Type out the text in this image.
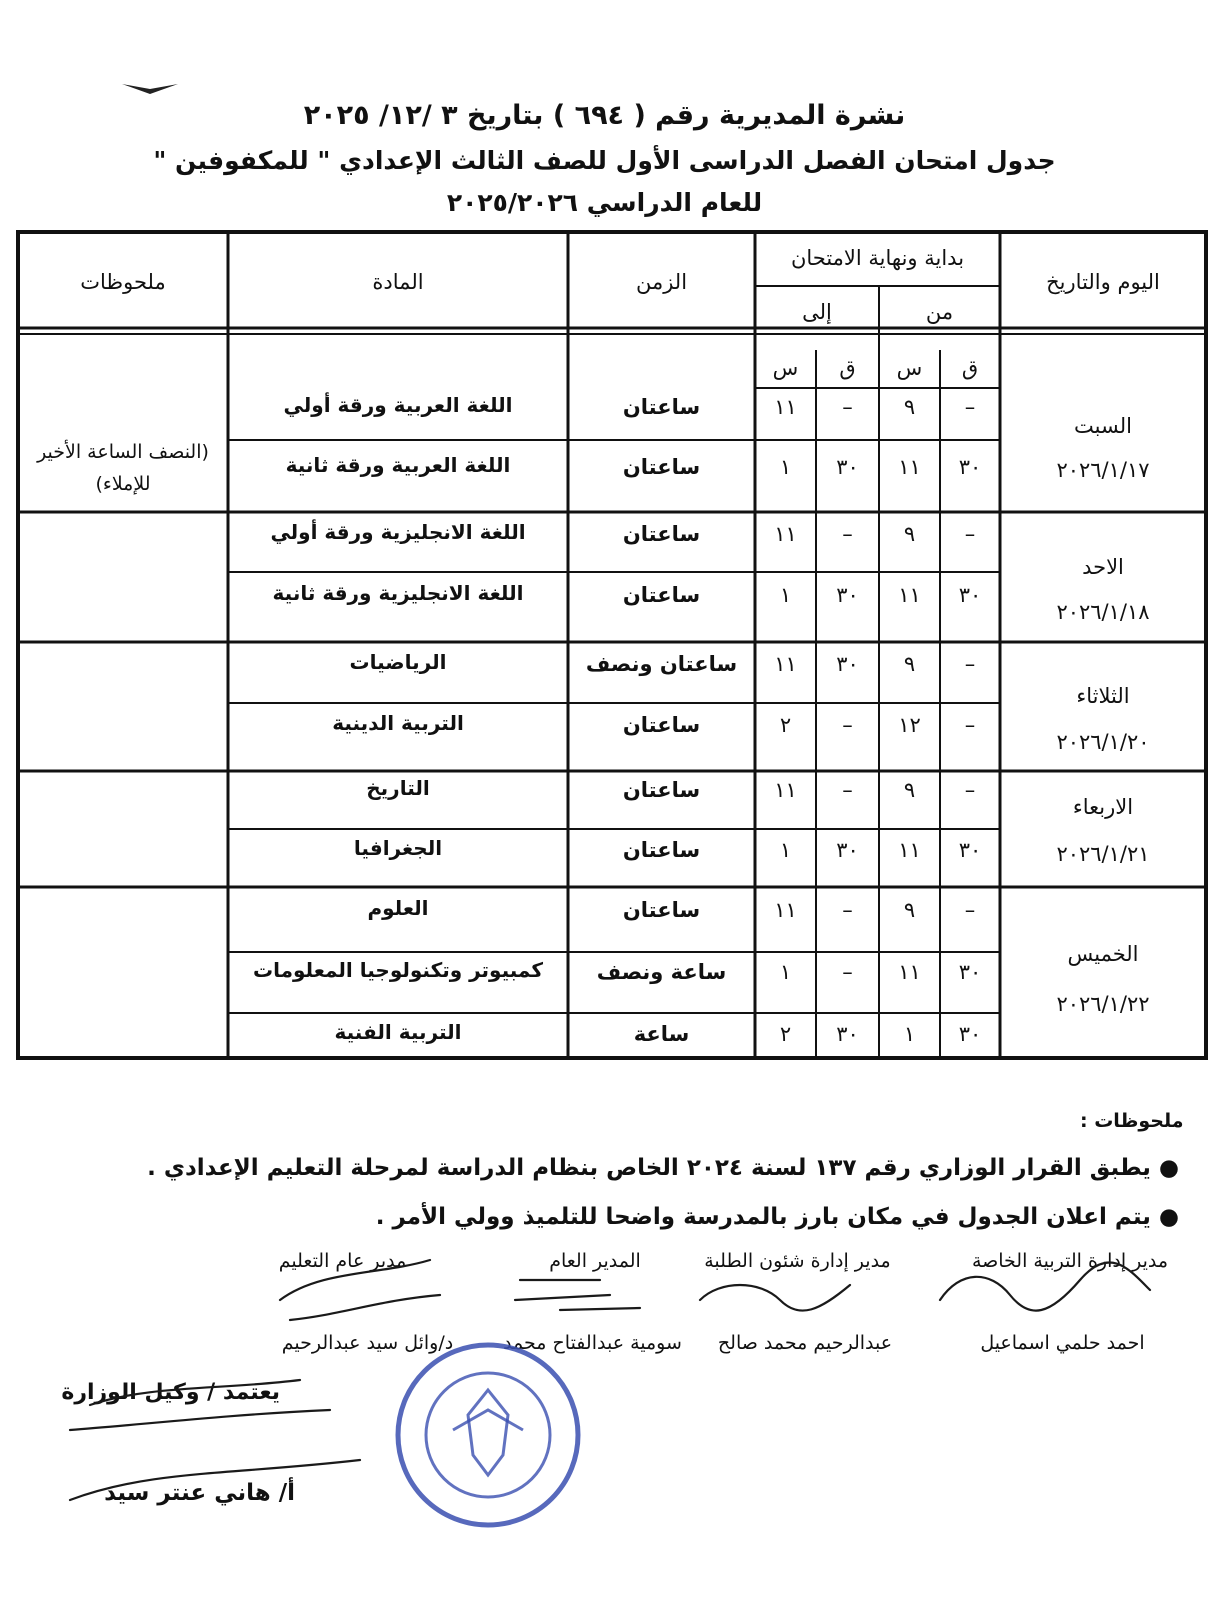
نشرة المديرية رقم ( ٦٩٤ ) بتاريخ ٣ /١٢/ ٢٠٢٥
جدول امتحان الفصل الدراسى الأول للصف الثالث الإعدادي " للمكفوفين "
للعام الدراسي ٢٠٢٥/٢٠٢٦
اليوم والتاريخ
بداية ونهاية الامتحان
من
إلى
الزمن
المادة
ملحوظات
ق
س
ق
س
السبت
٢٠٢٦/١/١٧
الاحد
٢٠٢٦/١/١٨
الثلاثاء
٢٠٢٦/١/٢٠
الاربعاء
٢٠٢٦/١/٢١
الخميس
٢٠٢٦/١/٢٢
(النصف الساعة الأخير للإملاء)
–
٩
–
١١
ساعتان
اللغة العربية ورقة أولي
٣٠
١١
٣٠
١
ساعتان
اللغة العربية ورقة ثانية
–
٩
–
١١
ساعتان
اللغة الانجليزية ورقة أولي
٣٠
١١
٣٠
١
ساعتان
اللغة الانجليزية ورقة ثانية
–
٩
٣٠
١١
ساعتان ونصف
الرياضيات
–
١٢
–
٢
ساعتان
التربية الدينية
–
٩
–
١١
ساعتان
التاريخ
٣٠
١١
٣٠
١
ساعتان
الجغرافيا
–
٩
–
١١
ساعتان
العلوم
٣٠
١١
–
١
ساعة ونصف
كمبيوتر وتكنولوجيا المعلومات
٣٠
١
٣٠
٢
ساعة
التربية الفنية
ملحوظات :
● يطبق القرار الوزاري رقم ١٣٧ لسنة ٢٠٢٤ الخاص بنظام الدراسة لمرحلة التعليم الإعدادي .
● يتم اعلان الجدول في مكان بارز بالمدرسة واضحا للتلميذ وولي الأمر .
مدير إدارة التربية الخاصة
احمد حلمي اسماعيل
مدير إدارة شئون الطلبة
عبدالرحيم محمد صالح
المدير العام
سومية عبدالفتاح محمد
مدير عام التعليم
د/وائل سيد عبدالرحيم
يعتمد / وكيل الوزارة
أ/ هاني عنتر سيد
